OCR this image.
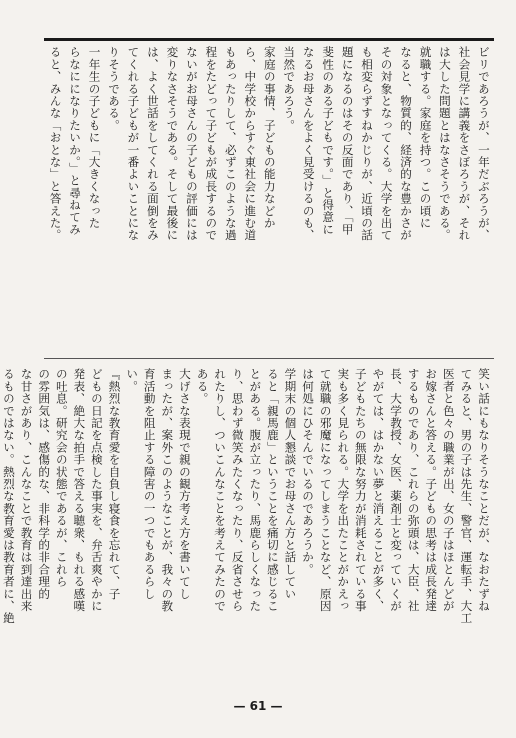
ビリであろうが、一年だぶろうが、
社会見学に講義をさぼろうが、それ
は大した問題とはなさそうである。
就職する。家庭を持つ。この頃に
なると、物質的、経済的な豊かさが
その対象となってくる。大学を出て
も相変らずすねかじりが、近頃の話
題になるのはその反面であり、「甲
斐性のある子どもです。」と得意に
なるお母さんをよく見受けるのも、
当然であろう。
家庭の事情、子どもの能力などか
ら、中学校からすぐ東社会に進む道
もあったりして、必ずこのような過
程をたどって子どもが成長するので
ないがお母さんの子どもの評価には
変りなさそうである。そして最後に
は、よく世話をしてくれる面倒をみ
てくれる子どもが一番よいことにな
りそうである。
一年生の子どもに「大きくなった
らなにになりたいか。」と尋ねてみ
ると、みんな「おとな」と答えた。
笑い話にもなりそうなことだが、なおたずね
てみると、男の子は先生、警官、運転手、大工
医者と色々の職業が出、女の子はほとんどが
お嫁さんと答える。子どもの思考は成長発達
するものであり、これらの弥頭は、大臣、社
長、大学教授、女医、薬剤士と変っていくが
やがては、はかない夢と消えることが多く、
子どもたちの無限な努力が消耗されている事
実も多く見られる。大学を出たことがかえっ
て就職の邪魔になってしまうことなど、原因
は何処にひそんでいるのであろうか。
学期末の個人懇談でお母さん方と話してい
ると「親馬鹿」ということを痛切に感じるこ
とがある。腹が立ったり、馬鹿らしくなった
り、思わず微笑みたくなったり、反省させら
れたりし、ついこんなことを考えてみたので
ある。
大げさな表現で親の観方考え方を書いてし
まったが、案外このようなことが、我々の教
育活動を阻止する障害の一つでもあるらし
い。
『熱烈な教育愛を自負し寝食を忘れて、子
どもの日記を点検した事実を、弁舌爽やかに
発表、絶大な拍手で答える聴衆、もれる感嘆
の吐息。研究会の状態であるが、これら
の雰囲気は、感傷的な、非科学的非合理的
な甘さがあり、こんなことで教育は到達出来
るものではない。熱烈な教育愛は教育者に、絶
— 61 —
